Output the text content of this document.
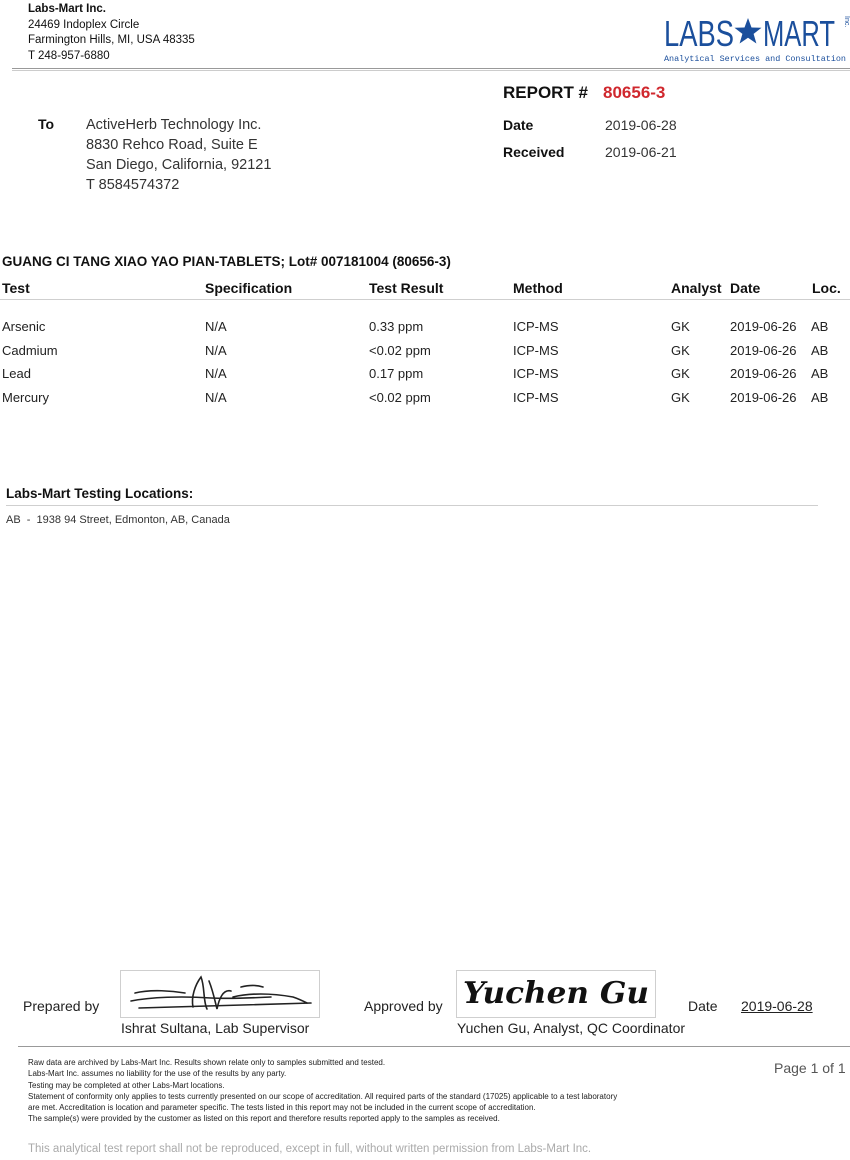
Labs-Mart Inc.
24469 Indoplex Circle
Farmington Hills, MI, USA 48335
T 248-957-6880
LABS MART Inc.
Analytical Services and Consultation
REPORT # 80656-3
Date	2019-06-28
Received	2019-06-21
To ActiveHerb Technology Inc.
8830 Rehco Road, Suite E
San Diego, California, 92121
T 8584574372
GUANG CI TANG XIAO YAO PIAN-TABLETS; Lot# 007181004 (80656-3)
Test	Specification	Test Result	Method	Analyst Date	Loc.
Arsenic	N/A	0.33 ppm	ICP-MS	GK	2019-06-26 AB
Cadmium	N/A	<0.02 ppm	ICP-MS	GK	2019-06-26 AB
Lead	N/A	0.17 ppm	ICP-MS	GK	2019-06-26 AB
Mercury	N/A	<0.02 ppm	ICP-MS	GK	2019-06-26 AB
Labs-Mart Testing Locations:
AB  -  1938 94 Street, Edmonton, AB, Canada
Prepared by
Ishrat Sultana, Lab Supervisor
Approved by Yuchen Gu
Yuchen Gu, Analyst, QC Coordinator
Date 2019-06-28
Raw data are archived by Labs-Mart Inc. Results shown relate only to samples submitted and tested.
Labs-Mart Inc. assumes no liability for the use of the results by any party.
Testing may be completed at other Labs-Mart locations.
Statement of conformity only applies to tests currently presented on our scope of accreditation. All required parts of the standard (17025) applicable to a test laboratory are met. Accreditation is location and parameter specific. The tests listed in this report may not be included in the current scope of accreditation.
The sample(s) were provided by the customer as listed on this report and therefore results reported apply to the samples as received.
Page 1 of 1
This analytical test report shall not be reproduced, except in full, without written permission from Labs-Mart Inc.
